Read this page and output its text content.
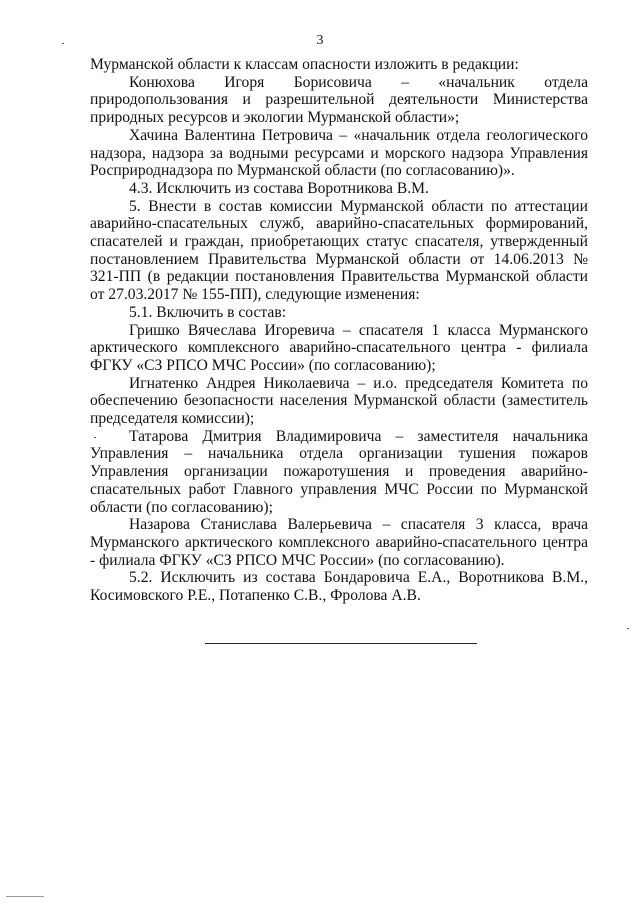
3

Мурманской области к классам опасности изложить в редакции:

Конюхова Игоря Борисовича – «начальник отдела природопользования и разрешительной деятельности Министерства природных ресурсов и экологии Мурманской области»;

Хачина Валентина Петровича – «начальник отдела геологического надзора, надзора за водными ресурсами и морского надзора Управления Росприроднадзора по Мурманской области (по согласованию)».

4.3. Исключить из состава Воротникова В.М.

5. Внести в состав комиссии Мурманской области по аттестации аварийно-спасательных служб, аварийно-спасательных формирований, спасателей и граждан, приобретающих статус спасателя, утвержденный постановлением Правительства Мурманской области от 14.06.2013 № 321-ПП (в редакции постановления Правительства Мурманской области от 27.03.2017 № 155-ПП), следующие изменения:

5.1. Включить в состав:

Гришко Вячеслава Игоревича – спасателя 1 класса Мурманского арктического комплексного аварийно-спасательного центра - филиала ФГКУ «СЗ РПСО МЧС России» (по согласованию);

Игнатенко Андрея Николаевича – и.о. председателя Комитета по обеспечению безопасности населения Мурманской области (заместитель председателя комиссии);

Татарова Дмитрия Владимировича – заместителя начальника Управления – начальника отдела организации тушения пожаров Управления организации пожаротушения и проведения аварийно-спасательных работ Главного управления МЧС России по Мурманской области (по согласованию);

Назарова Станислава Валерьевича – спасателя 3 класса, врача Мурманского арктического комплексного аварийно-спасательного центра - филиала ФГКУ «СЗ РПСО МЧС России» (по согласованию).

5.2. Исключить из состава Бондаровича Е.А., Воротникова В.М., Косимовского Р.Е., Потапенко С.В., Фролова А.В.
